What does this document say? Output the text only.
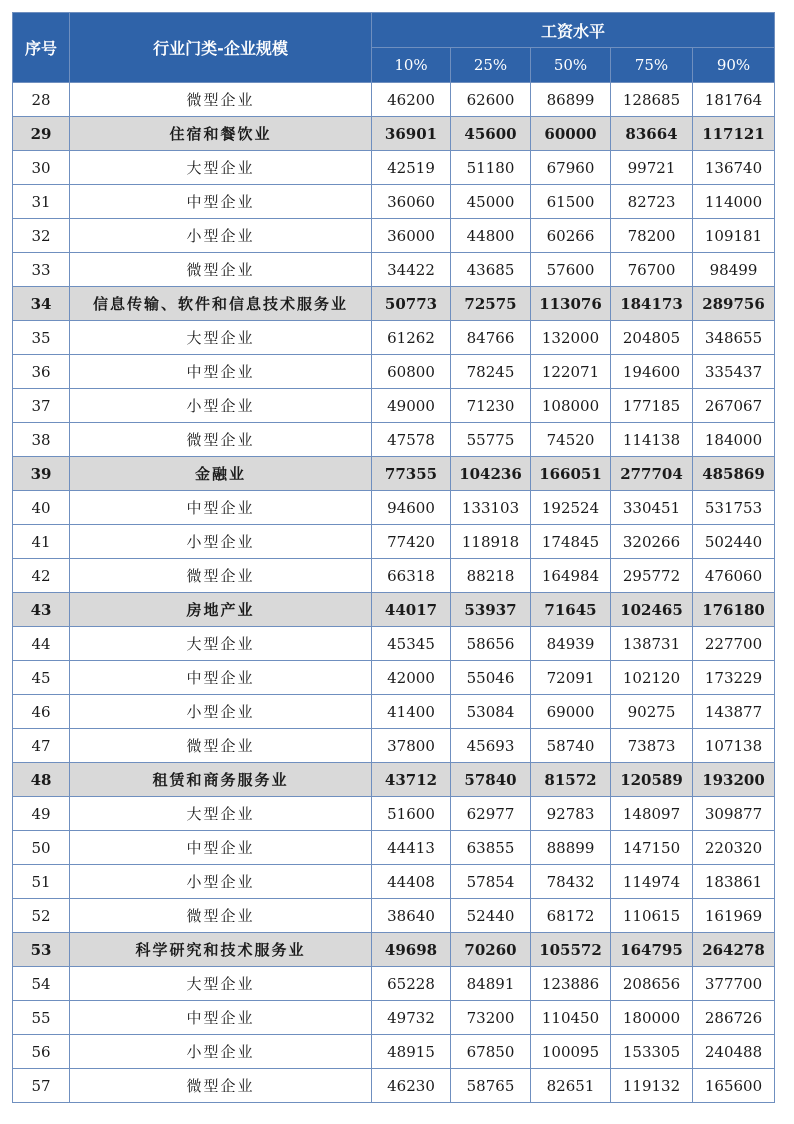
序号	行业门类-企业规模	工资水平				
		10%	25%	50%	75%	90%
28	微型企业	46200	62600	86899	128685	181764
29	住宿和餐饮业	36901	45600	60000	83664	117121
30	大型企业	42519	51180	67960	99721	136740
31	中型企业	36060	45000	61500	82723	114000
32	小型企业	36000	44800	60266	78200	109181
33	微型企业	34422	43685	57600	76700	98499
34	信息传输、软件和信息技术服务业	50773	72575	113076	184173	289756
35	大型企业	61262	84766	132000	204805	348655
36	中型企业	60800	78245	122071	194600	335437
37	小型企业	49000	71230	108000	177185	267067
38	微型企业	47578	55775	74520	114138	184000
39	金融业	77355	104236	166051	277704	485869
40	中型企业	94600	133103	192524	330451	531753
41	小型企业	77420	118918	174845	320266	502440
42	微型企业	66318	88218	164984	295772	476060
43	房地产业	44017	53937	71645	102465	176180
44	大型企业	45345	58656	84939	138731	227700
45	中型企业	42000	55046	72091	102120	173229
46	小型企业	41400	53084	69000	90275	143877
47	微型企业	37800	45693	58740	73873	107138
48	租赁和商务服务业	43712	57840	81572	120589	193200
49	大型企业	51600	62977	92783	148097	309877
50	中型企业	44413	63855	88899	147150	220320
51	小型企业	44408	57854	78432	114974	183861
52	微型企业	38640	52440	68172	110615	161969
53	科学研究和技术服务业	49698	70260	105572	164795	264278
54	大型企业	65228	84891	123886	208656	377700
55	中型企业	49732	73200	110450	180000	286726
56	小型企业	48915	67850	100095	153305	240488
57	微型企业	46230	58765	82651	119132	165600
